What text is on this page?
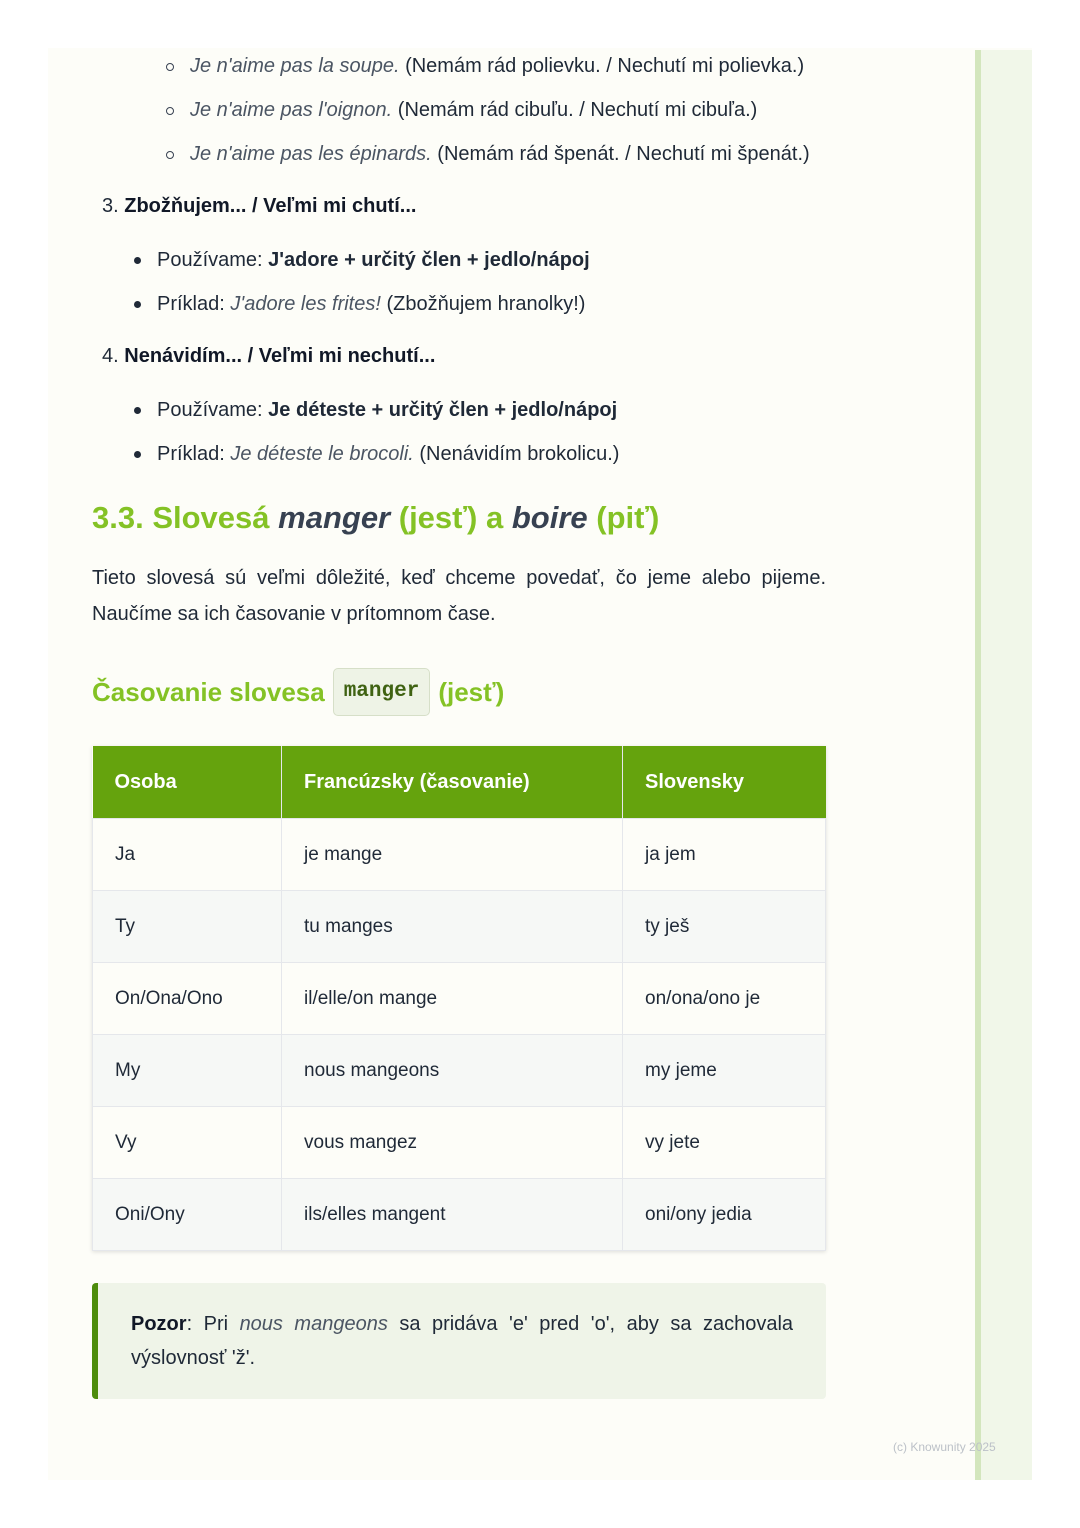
Je n'aime pas la soupe. (Nemám rád polievku. / Nechutí mi polievka.)
Je n'aime pas l'oignon. (Nemám rád cibuľu. / Nechutí mi cibuľa.)
Je n'aime pas les épinards. (Nemám rád špenát. / Nechutí mi špenát.)
3. Zbožňujem... / Veľmi mi chutí...
Používame: J'adore + určitý člen + jedlo/nápoj
Príklad: J'adore les frites! (Zbožňujem hranolky!)
4. Nenávidím... / Veľmi mi nechutí...
Používame: Je déteste + určitý člen + jedlo/nápoj
Príklad: Je déteste le brocoli. (Nenávidím brokolicu.)
3.3. Slovesá manger (jesť) a boire (piť)

Tieto slovesá sú veľmi dôležité, keď chceme povedať, čo jeme alebo pijeme. Naučíme sa ich časovanie v prítomnom čase.

Časovanie slovesa manger (jesť)
Osoba	Francúzsky (časovanie)	Slovensky
Ja	je mange	ja jem
Ty	tu manges	ty ješ
On/Ona/Ono	il/elle/on mange	on/ona/ono je
My	nous mangeons	my jeme
Vy	vous mangez	vy jete
Oni/Ony	ils/elles mangent	oni/ony jedia
Pozor: Pri nous mangeons sa pridáva 'e' pred 'o', aby sa zachovala výslovnosť 'ž'.
(c) Knowunity 2025
